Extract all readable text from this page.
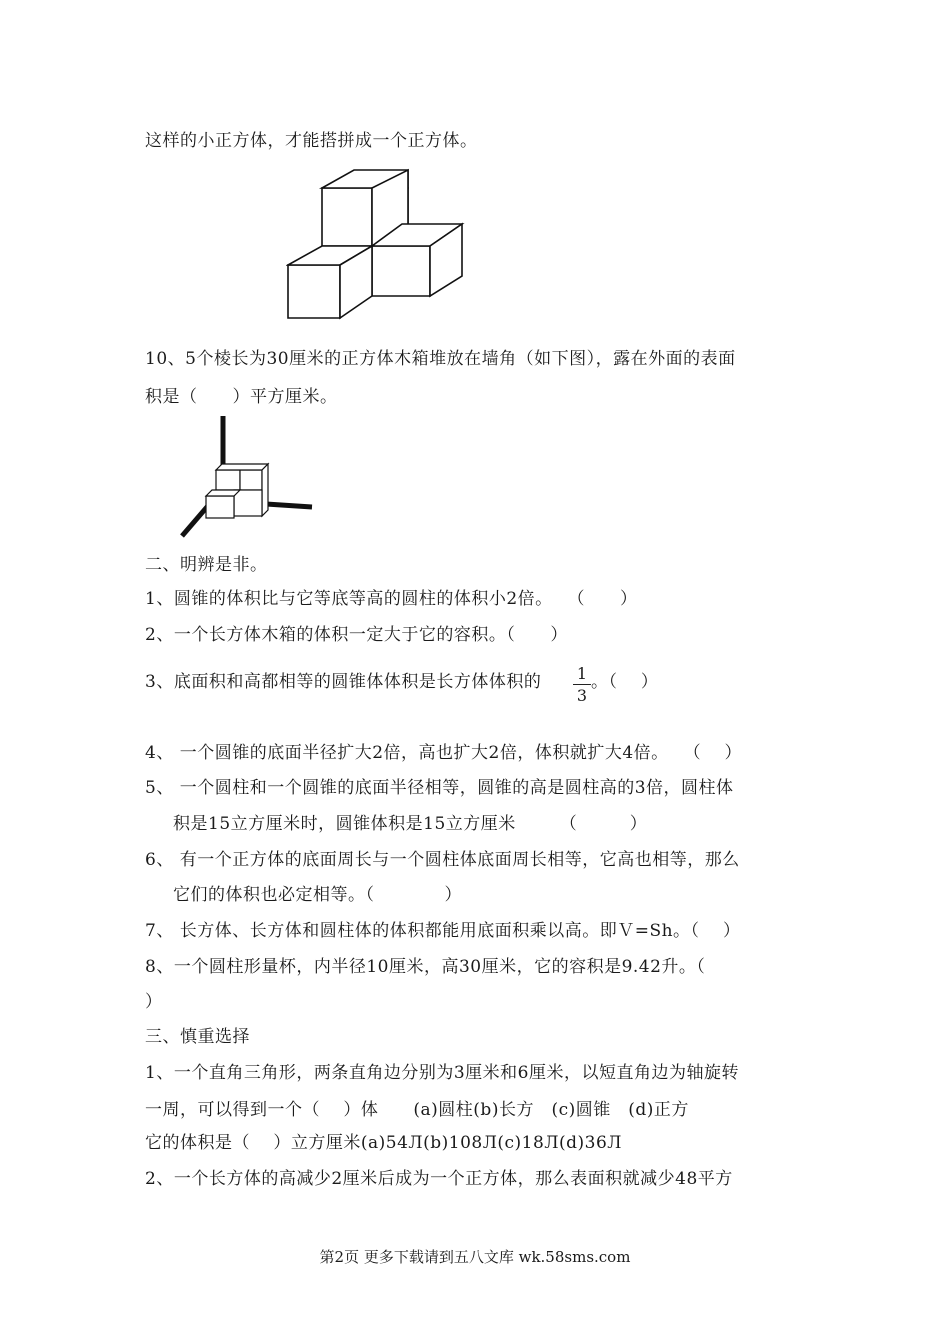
这样的小正方体，才能搭拼成一个正方体。
10、5个棱长为30厘米的正方体木箱堆放在墙角（如下图），露在外面的表面
积是（　　）平方厘米。
二、明辨是非。
1、圆锥的体积比与它等底等高的圆柱的体积小2倍。　 （　　）
2、一个长方体木箱的体积一定大于它的容积。（　　）
3、底面积和高都相等的圆锥体体积是长方体体积的 $\frac{1}{3}$ 。（　 ）
4、 一个圆锥的底面半径扩大2倍，高也扩大2倍，体积就扩大4倍。　 （　 ）
5、 一个圆柱和一个圆锥的底面半径相等，圆锥的高是圆柱高的3倍，圆柱体
积是15立方厘米时，圆锥体积是15立方厘米　　　（　　　）
6、 有一个正方体的底面周长与一个圆柱体底面周长相等，它高也相等，那么
它们的体积也必定相等。（　　　　）
7、 长方体、长方体和圆柱体的体积都能用底面积乘以高。即Ｖ=Sh。（　 ）
8、一个圆柱形量杯，内半径10厘米，高30厘米，它的容积是9.42升。（
）
三、慎重选择
1、一个直角三角形，两条直角边分别为3厘米和6厘米，以短直角边为轴旋转
一周，可以得到一个（　 ）体　　(a)圆柱(b)长方　(c)圆锥　(d)正方
它的体积是（　 ）立方厘米(a)54Л(b)108Л(c)18Л(d)36Л
2、一个长方体的高减少2厘米后成为一个正方体，那么表面积就减少48平方
第2页 更多下载请到五八文库 wk.58sms.com
